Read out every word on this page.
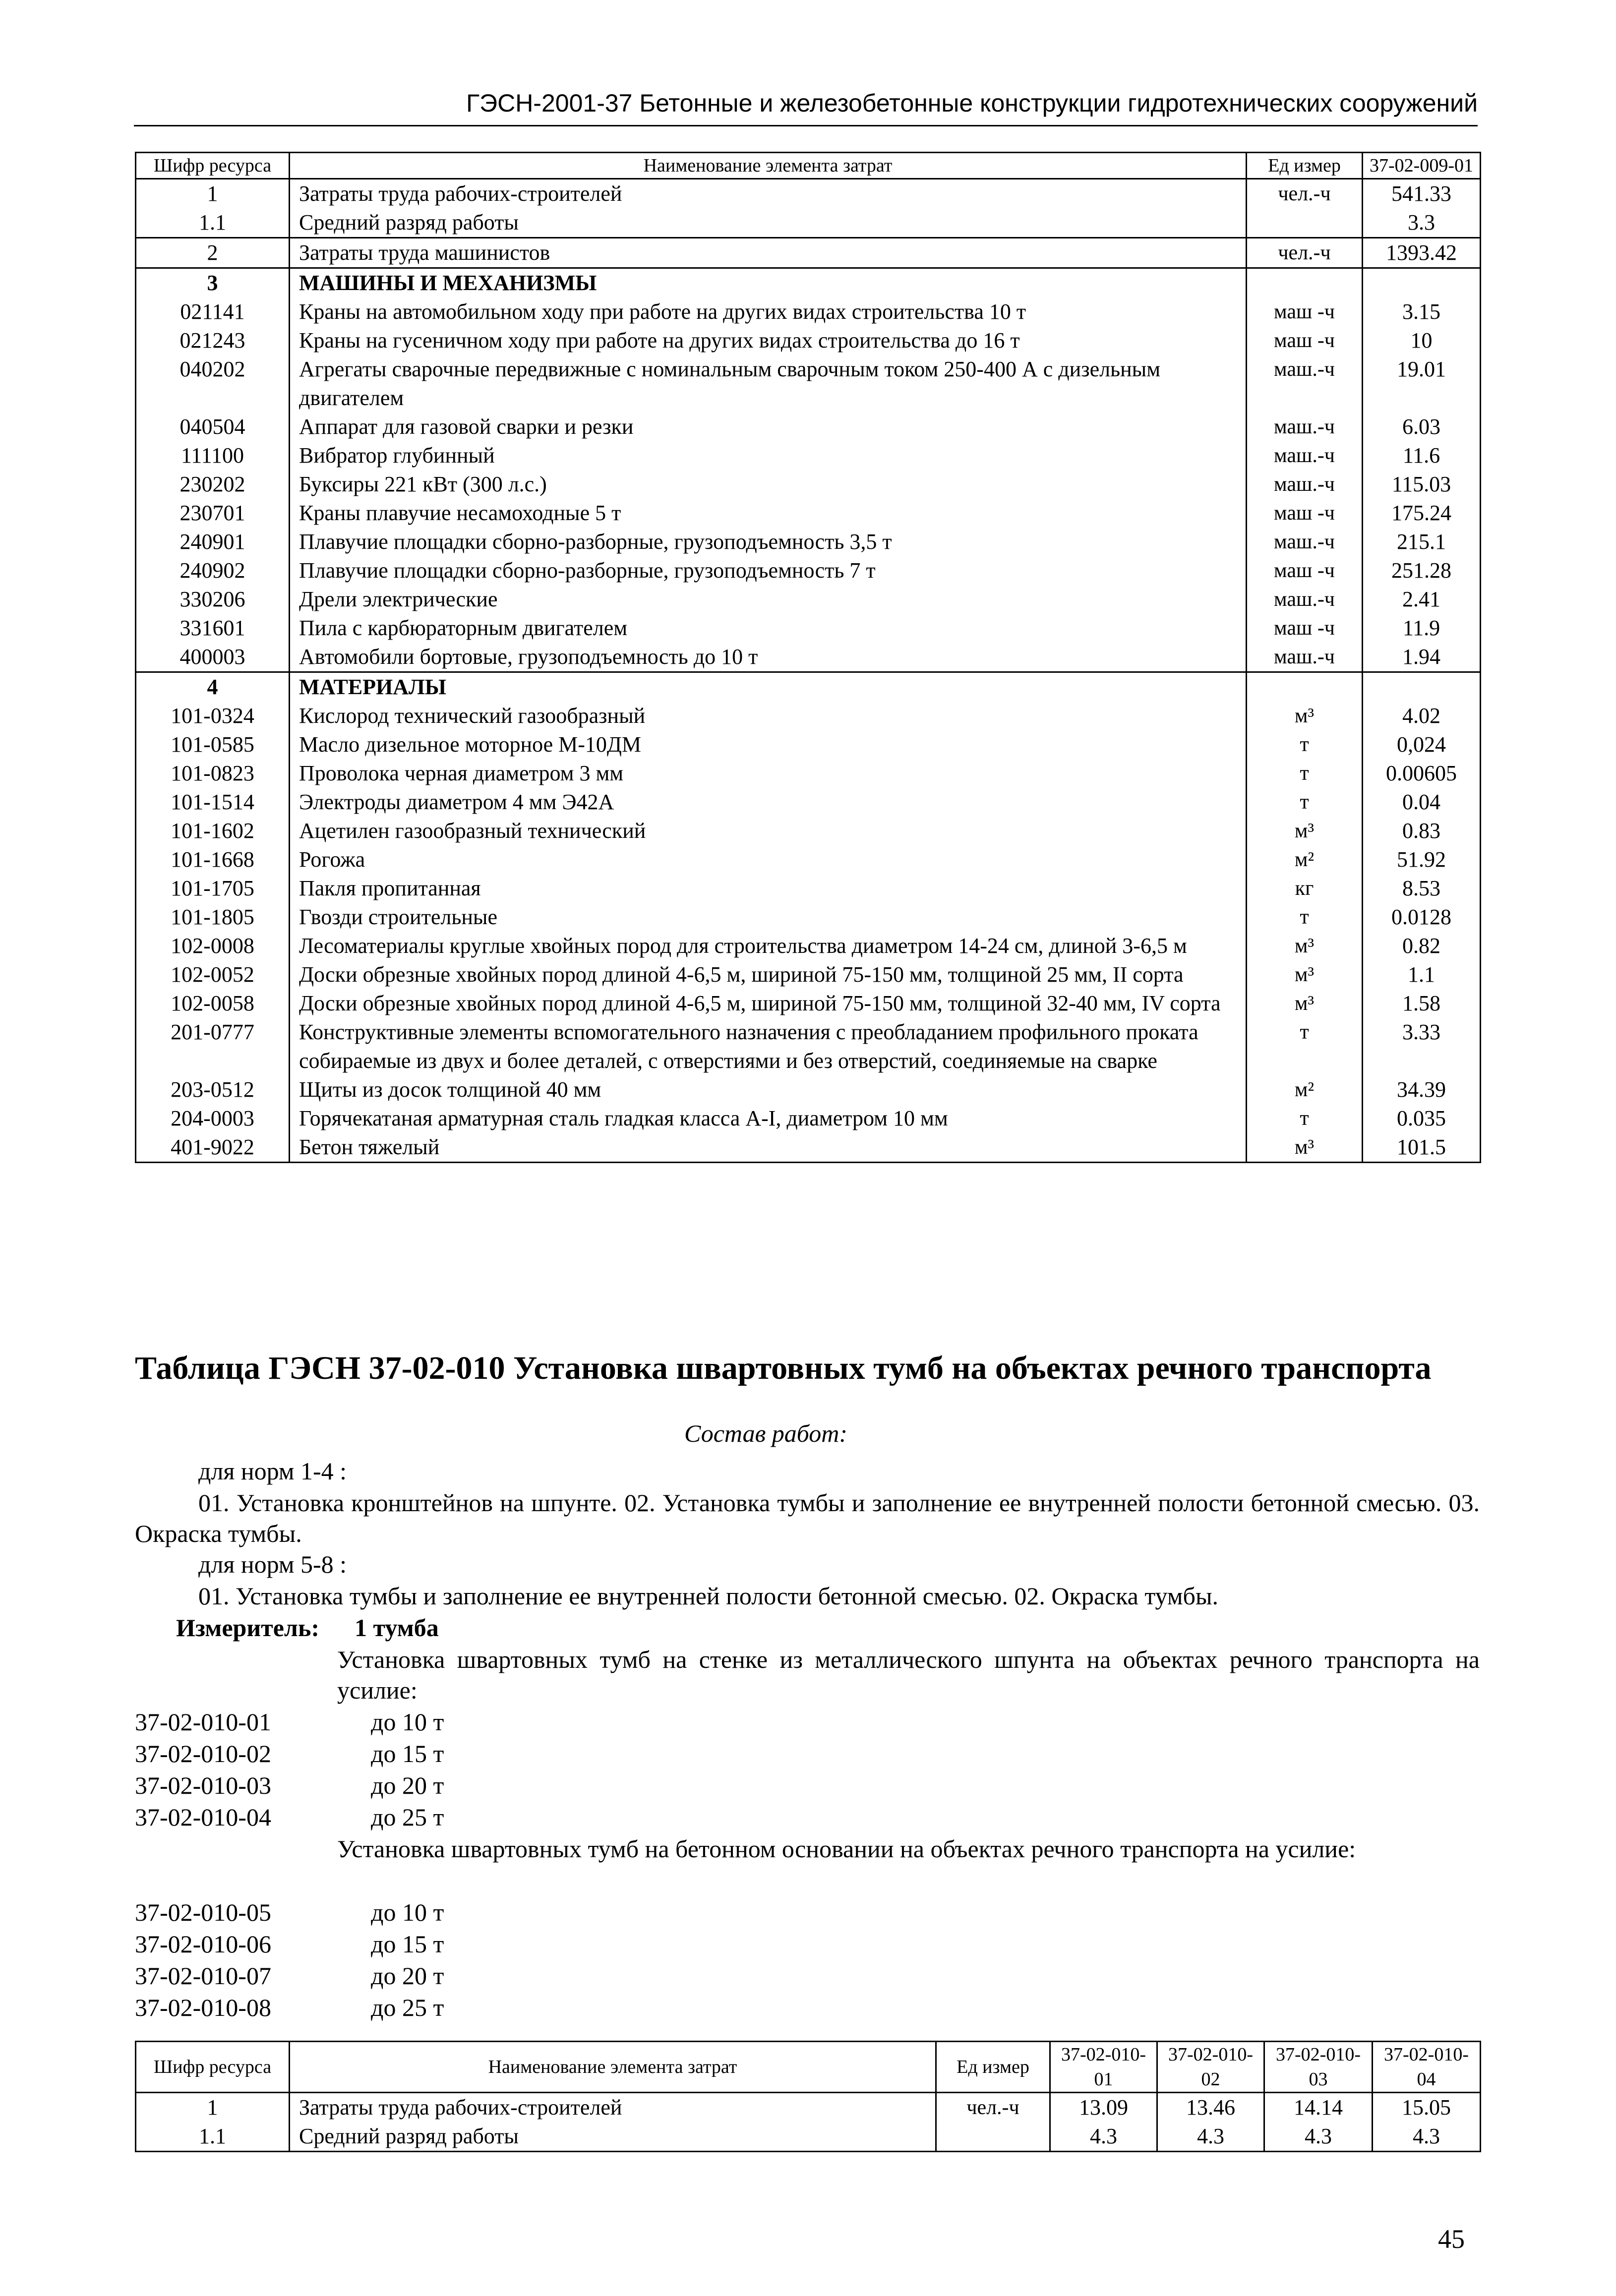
ГЭСН-2001-37 Бетонные и железобетонные конструкции гидротехнических сооружений
Шифр ресурса	Наименование элемента затрат	Ед измер	37-02-009-01
1	Затраты труда рабочих-строителей	чел.-ч	541.33
1.1	Средний разряд работы		3.3
2	Затраты труда машинистов	чел.-ч	1393.42
3	МАШИНЫ И МЕХАНИЗМЫ		
021141	Краны на автомобильном ходу при работе на других видах строительства 10 т	маш -ч	3.15
021243	Краны на гусеничном ходу при работе на других видах строительства до 16 т	маш -ч	10
040202	Агрегаты сварочные передвижные с номинальным сварочным током 250-400 А с дизельным двигателем	маш.-ч	19.01
040504	Аппарат для газовой сварки и резки	маш.-ч	6.03
111100	Вибратор глубинный	маш.-ч	11.6
230202	Буксиры 221 кВт (300 л.с.)	маш.-ч	115.03
230701	Краны плавучие несамоходные 5 т	маш -ч	175.24
240901	Плавучие площадки сборно-разборные, грузоподъемность 3,5 т	маш.-ч	215.1
240902	Плавучие площадки сборно-разборные, грузоподъемность 7 т	маш -ч	251.28
330206	Дрели электрические	маш.-ч	2.41
331601	Пила с карбюраторным двигателем	маш -ч	11.9
400003	Автомобили бортовые, грузоподъемность до 10 т	маш.-ч	1.94
4	МАТЕРИАЛЫ		
101-0324	Кислород технический газообразный	м³	4.02
101-0585	Масло дизельное моторное М-10ДМ	т	0,024
101-0823	Проволока черная диаметром 3 мм	т	0.00605
101-1514	Электроды диаметром 4 мм Э42А	т	0.04
101-1602	Ацетилен газообразный технический	м³	0.83
101-1668	Рогожа	м²	51.92
101-1705	Пакля пропитанная	кг	8.53
101-1805	Гвозди строительные	т	0.0128
102-0008	Лесоматериалы круглые хвойных пород для строительства диаметром 14-24 см, длиной 3-6,5 м	м³	0.82
102-0052	Доски обрезные хвойных пород длиной 4-6,5 м, шириной 75-150 мм, толщиной 25 мм, II сорта	м³	1.1
102-0058	Доски обрезные хвойных пород длиной 4-6,5 м, шириной 75-150 мм, толщиной 32-40 мм, IV сорта	м³	1.58
201-0777	Конструктивные элементы вспомогательного назначения с преобладанием профильного проката собираемые из двух и более деталей, с отверстиями и без отверстий, соединяемые на сварке	т	3.33
203-0512	Щиты из досок толщиной 40 мм	м²	34.39
204-0003	Горячекатаная арматурная сталь гладкая класса А-I, диаметром 10 мм	т	0.035
401-9022	Бетон тяжелый	м³	101.5
Таблица ГЭСН 37-02-010 Установка швартовных тумб на объектах речного транспорта
Состав работ:
для норм 1-4 :
01. Установка кронштейнов на шпунте. 02. Установка тумбы и заполнение ее внутренней полости бетонной смесью. 03. Окраска тумбы.
для норм 5-8 :
01. Установка тумбы и заполнение ее внутренней полости бетонной смесью. 02. Окраска тумбы.
Измеритель: 1 тумба
Установка швартовных тумб на стенке из металлического шпунта на объектах речного транспорта на усилие:
37-02-010-01	до 10 т
37-02-010-02	до 15 т
37-02-010-03	до 20 т
37-02-010-04	до 25 т
Установка швартовных тумб на бетонном основании на объектах речного транспорта на усилие:
37-02-010-05	до 10 т
37-02-010-06	до 15 т
37-02-010-07	до 20 т
37-02-010-08	до 25 т
Шифр ресурса	Наименование элемента затрат	Ед измер	37-02-010-01	37-02-010-02	37-02-010-03	37-02-010-04
1	Затраты труда рабочих-строителей	чел.-ч	13.09	13.46	14.14	15.05
1.1	Средний разряд работы		4.3	4.3	4.3	4.3
45
